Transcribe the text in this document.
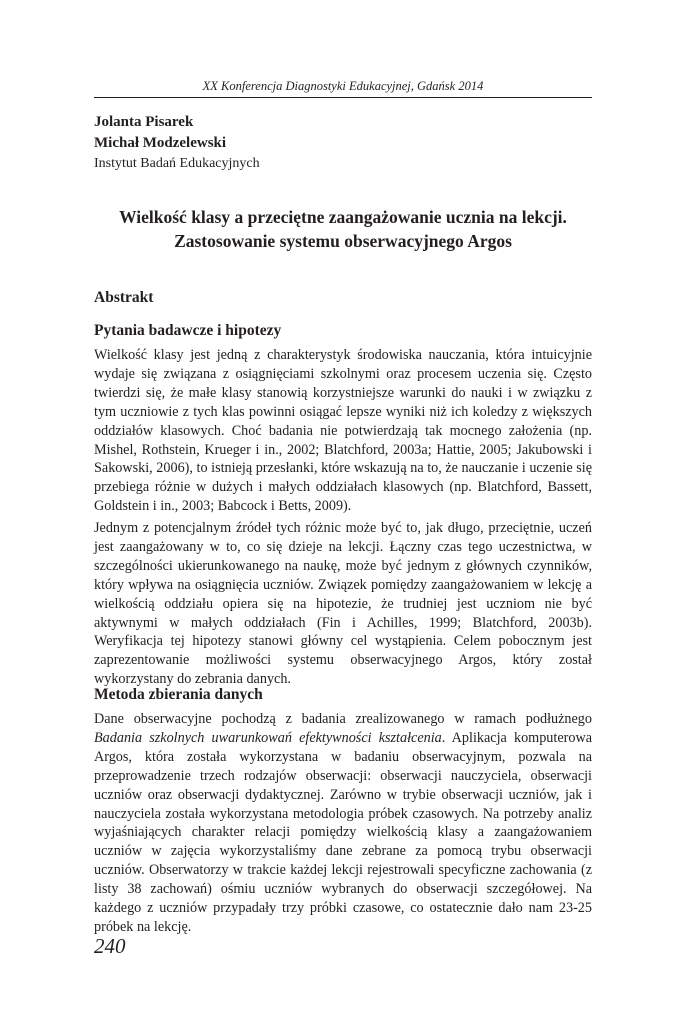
XX Konferencja Diagnostyki Edukacyjnej, Gdańsk 2014
Jolanta Pisarek
Michał Modzelewski
Instytut Badań Edukacyjnych
Wielkość klasy a przeciętne zaangażowanie ucznia na lekcji.
Zastosowanie systemu obserwacyjnego Argos
Abstrakt
Pytania badawcze i hipotezy

Wielkość klasy jest jedną z charakterystyk środowiska nauczania, która intuicyjnie wydaje się związana z osiągnięciami szkolnymi oraz procesem uczenia się. Często twierdzi się, że małe klasy stanowią korzystniejsze warunki do nauki i w związku z tym uczniowie z tych klas powinni osiągać lepsze wyniki niż ich koledzy z większych oddziałów klasowych. Choć badania nie potwierdzają tak mocnego założenia (np. Mishel, Rothstein, Krueger i in., 2002; Blatchford, 2003a; Hattie, 2005; Jakubowski i Sakowski, 2006), to istnieją przesłanki, które wskazują na to, że nauczanie i uczenie się przebiega różnie w dużych i małych oddziałach klasowych (np. Blatchford, Bassett, Goldstein i in., 2003; Babcock i Betts, 2009).

Jednym z potencjalnym źródeł tych różnic może być to, jak długo, przeciętnie, uczeń jest zaangażowany w to, co się dzieje na lekcji. Łączny czas tego uczestnictwa, w szczególności ukierunkowanego na naukę, może być jednym z głównych czynników, który wpływa na osiągnięcia uczniów. Związek pomiędzy zaangażowaniem w lekcję a wielkością oddziału opiera się na hipotezie, że trudniej jest uczniom nie być aktywnymi w małych oddziałach (Fin i Achilles, 1999; Blatchford, 2003b). Weryfikacja tej hipotezy stanowi główny cel wystąpienia. Celem pobocznym jest zaprezentowanie możliwości systemu obserwacyjnego Argos, który został wykorzystany do zebrania danych.

Metoda zbierania danych

Dane obserwacyjne pochodzą z badania zrealizowanego w ramach podłużnego Badania szkolnych uwarunkowań efektywności kształcenia. Aplikacja komputerowa Argos, która została wykorzystana w badaniu obserwacyjnym, pozwala na przeprowadzenie trzech rodzajów obserwacji: obserwacji nauczyciela, obserwacji uczniów oraz obserwacji dydaktycznej. Zarówno w trybie obserwacji uczniów, jak i nauczyciela została wykorzystana metodologia próbek czasowych. Na potrzeby analiz wyjaśniających charakter relacji pomiędzy wielkością klasy a zaangażowaniem uczniów w zajęcia wykorzystaliśmy dane zebrane za pomocą trybu obserwacji uczniów. Obserwatorzy w trakcie każdej lekcji rejestrowali specyficzne zachowania (z listy 38 zachowań) ośmiu uczniów wybranych do obserwacji szczegółowej. Na każdego z uczniów przypadały trzy próbki czasowe, co ostatecznie dało nam 23-25 próbek na lekcję.

240
